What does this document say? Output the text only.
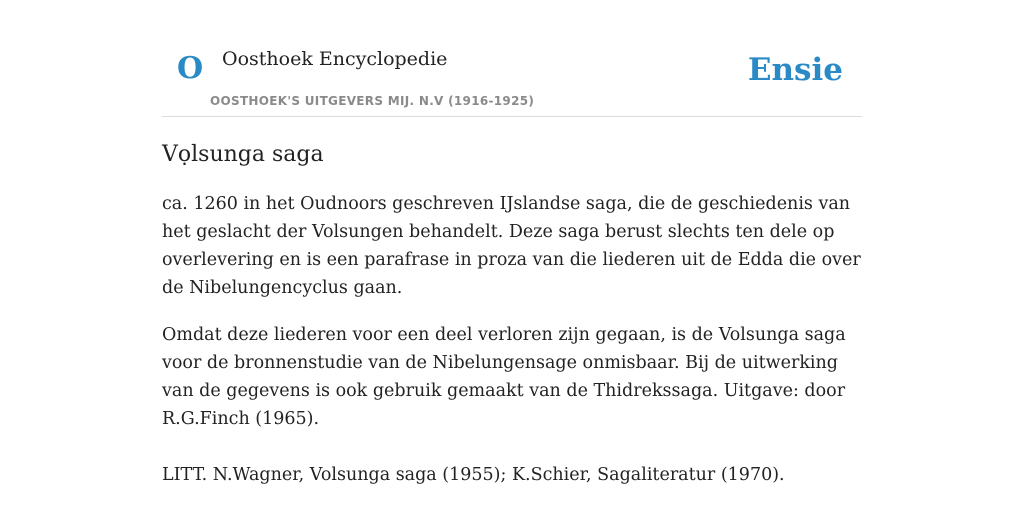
O Oosthoek Encyclopedie
OOSTHOEK'S UITGEVERS MIJ. N.V (1916-1925)
Ensie
Vọlsunga saga

ca. 1260 in het Oudnoors geschreven IJslandse saga, die de geschiedenis van het geslacht der Volsungen behandelt. Deze saga berust slechts ten dele op overlevering en is een parafrase in proza van die liederen uit de Edda die over de Nibelungencyclus gaan.

Omdat deze liederen voor een deel verloren zijn gegaan, is de Volsunga saga voor de bronnenstudie van de Nibelungensage onmisbaar. Bij de uitwerking van de gegevens is ook gebruik gemaakt van de Thidrekssaga. Uitgave: door R.G.Finch (1965).

LITT. N.Wagner, Volsunga saga (1955); K.Schier, Sagaliteratur (1970).
